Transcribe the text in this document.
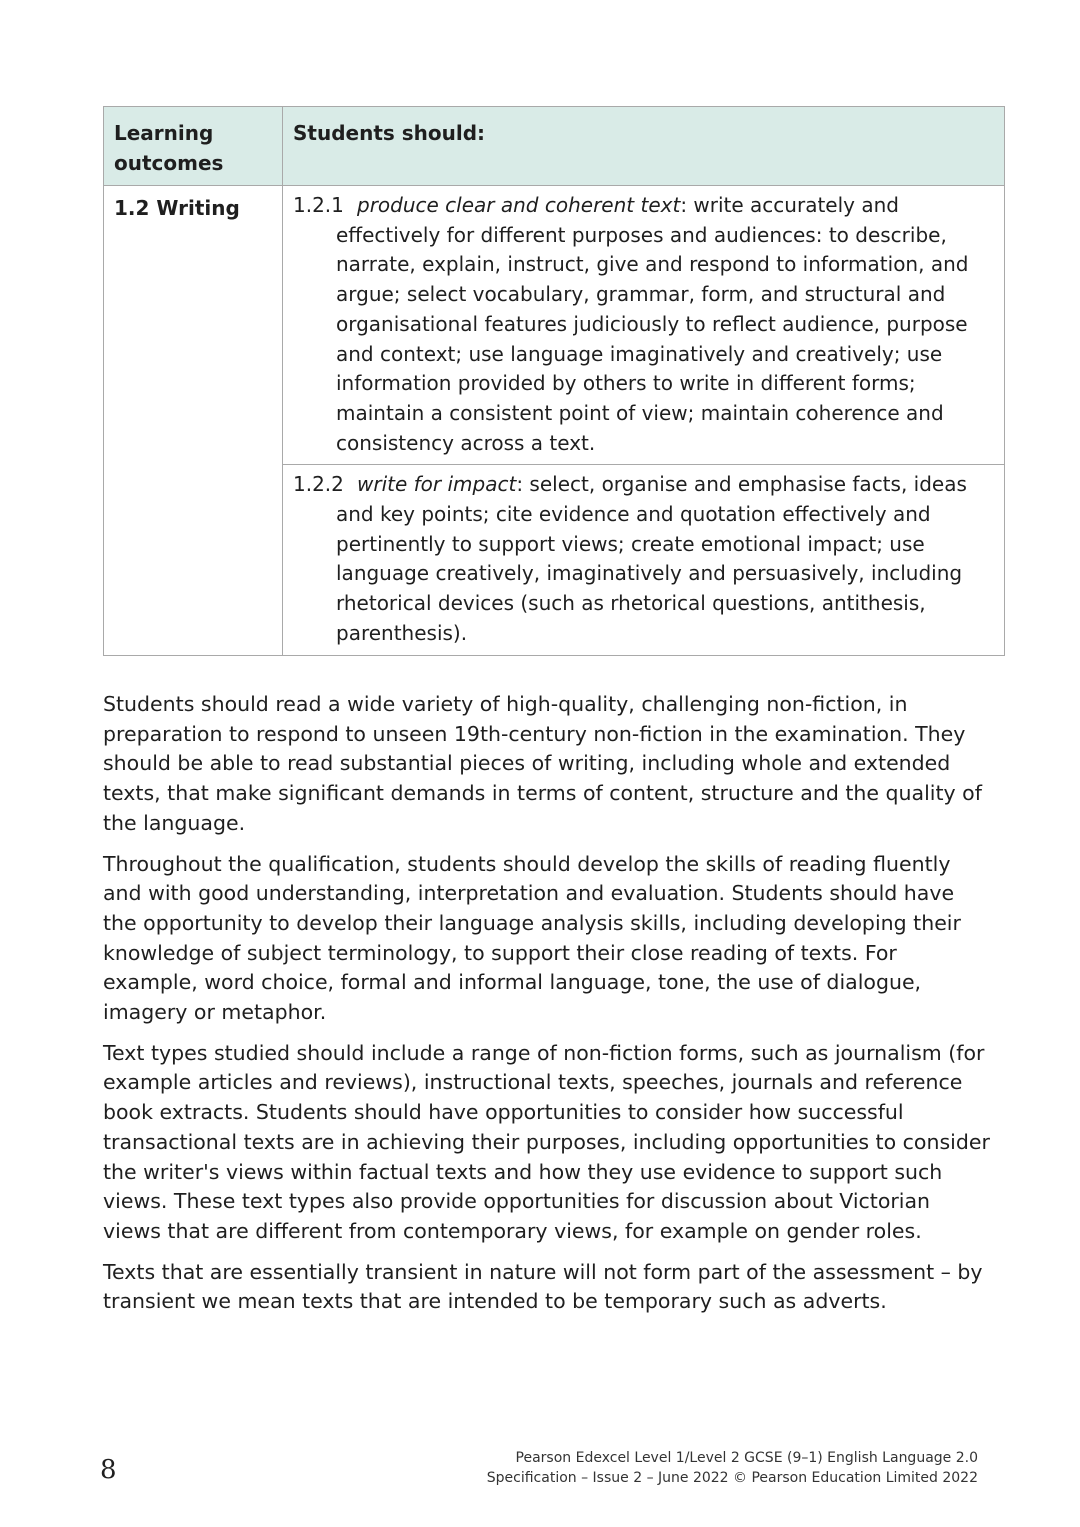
Learning outcomes	Students should:
1.2 Writing	1.2.1 produce clear and coherent text: write accurately and effectively for different purposes and audiences: to describe, narrate, explain, instruct, give and respond to information, and argue; select vocabulary, grammar, form, and structural and organisational features judiciously to reflect audience, purpose and context; use language imaginatively and creatively; use information provided by others to write in different forms; maintain a consistent point of view; maintain coherence and consistency across a text.

	1.2.2 write for impact: select, organise and emphasise facts, ideas and key points; cite evidence and quotation effectively and pertinently to support views; create emotional impact; use language creatively, imaginatively and persuasively, including rhetorical devices (such as rhetorical questions, antithesis, parenthesis).

Students should read a wide variety of high-quality, challenging non-fiction, in preparation to respond to unseen 19th-century non-fiction in the examination. They should be able to read substantial pieces of writing, including whole and extended texts, that make significant demands in terms of content, structure and the quality of the language.

Throughout the qualification, students should develop the skills of reading fluently and with good understanding, interpretation and evaluation. Students should have the opportunity to develop their language analysis skills, including developing their knowledge of subject terminology, to support their close reading of texts. For example, word choice, formal and informal language, tone, the use of dialogue, imagery or metaphor.

Text types studied should include a range of non-fiction forms, such as journalism (for example articles and reviews), instructional texts, speeches, journals and reference book extracts. Students should have opportunities to consider how successful transactional texts are in achieving their purposes, including opportunities to consider the writer's views within factual texts and how they use evidence to support such views. These text types also provide opportunities for discussion about Victorian views that are different from contemporary views, for example on gender roles.

Texts that are essentially transient in nature will not form part of the assessment – by transient we mean texts that are intended to be temporary such as adverts.

8	Pearson Edexcel Level 1/Level 2 GCSE (9–1) English Language 2.0
Specification – Issue 2 – June 2022 © Pearson Education Limited 2022
